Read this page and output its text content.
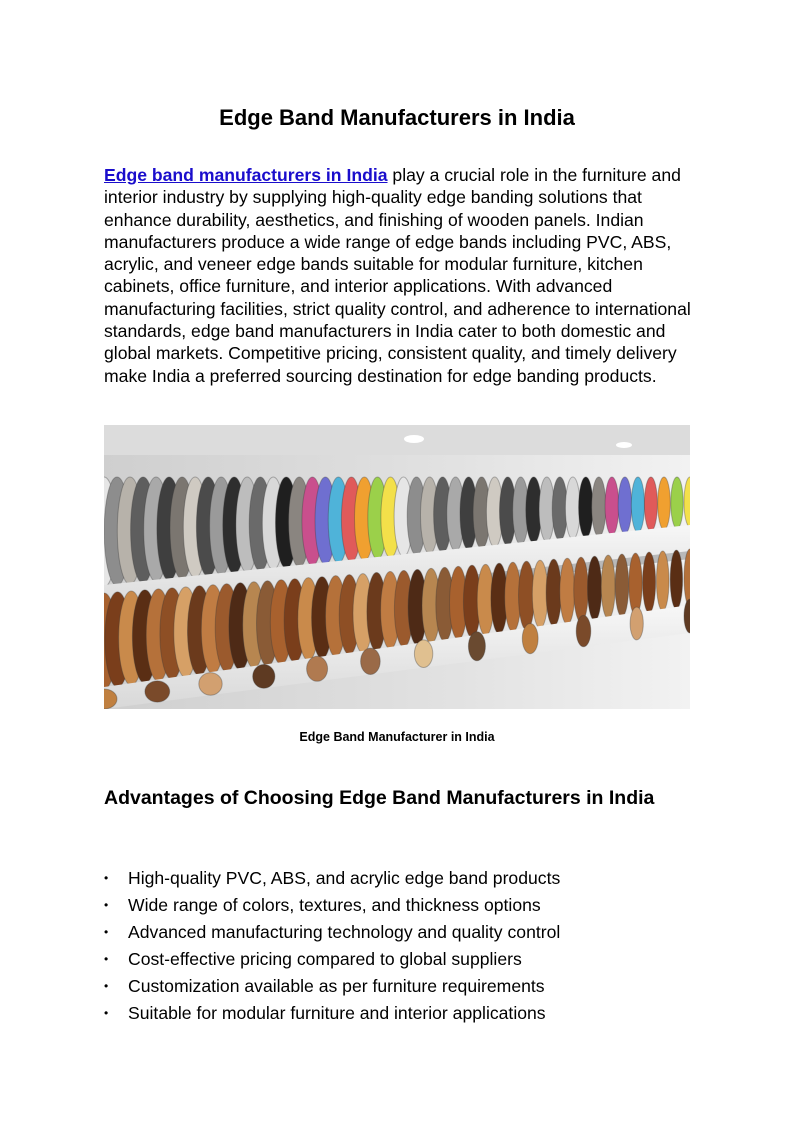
Edge Band Manufacturers in India

Edge band manufacturers in India play a crucial role in the furniture and interior industry by supplying high-quality edge banding solutions that enhance durability, aesthetics, and finishing of wooden panels. Indian manufacturers produce a wide range of edge bands including PVC, ABS, acrylic, and veneer edge bands suitable for modular furniture, kitchen cabinets, office furniture, and interior applications. With advanced manufacturing facilities, strict quality control, and adherence to international standards, edge band manufacturers in India cater to both domestic and global markets. Competitive pricing, consistent quality, and timely delivery make India a preferred sourcing destination for edge banding products.

Edge Band Manufacturer in India

Advantages of Choosing Edge Band Manufacturers in India
• High-quality PVC, ABS, and acrylic edge band products
• Wide range of colors, textures, and thickness options
• Advanced manufacturing technology and quality control
• Cost-effective pricing compared to global suppliers
• Customization available as per furniture requirements
• Suitable for modular furniture and interior applications
